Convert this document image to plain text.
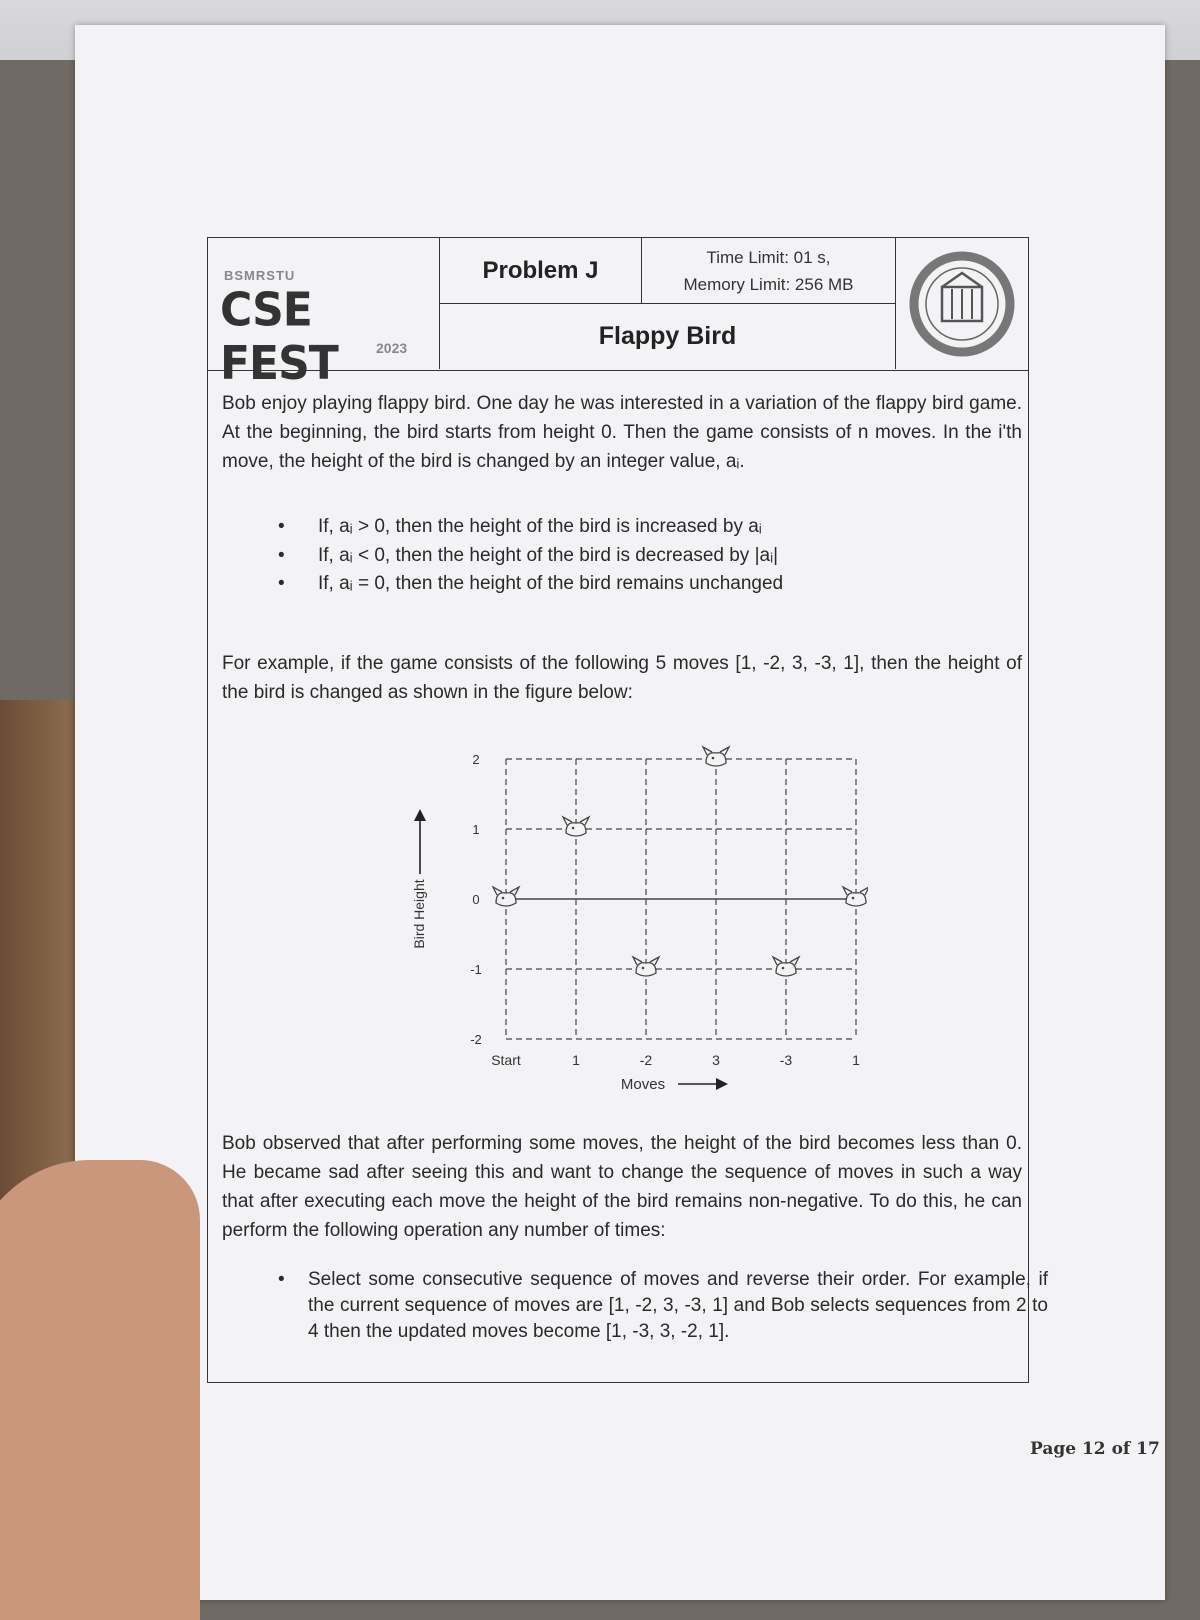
BSMRSTU
CSE FEST	2023
Problem J	Time Limit: 01 s,
Memory Limit: 256 MB
Flappy Bird
Bob enjoy playing flappy bird. One day he was interested in a variation of the flappy bird game. At the beginning, the bird starts from height 0. Then the game consists of n moves. In the i'th move, the height of the bird is changed by an integer value, aᵢ.
• If, aᵢ > 0, then the height of the bird is increased by aᵢ
• If, aᵢ < 0, then the height of the bird is decreased by |aᵢ|
• If, aᵢ = 0, then the height of the bird remains unchanged
For example, if the game consists of the following 5 moves [1, -2, 3, -3, 1], then the height of the bird is changed as shown in the figure below:
2
1
0
-1
-2
Start	1	-2	3	-3	1
Bird Height
Moves
Bob observed that after performing some moves, the height of the bird becomes less than 0. He became sad after seeing this and want to change the sequence of moves in such a way that after executing each move the height of the bird remains non-negative. To do this, he can perform the following operation any number of times:
• Select some consecutive sequence of moves and reverse their order. For example, if the current sequence of moves are [1, -2, 3, -3, 1] and Bob selects sequences from 2 to 4 then the updated moves become [1, -3, 3, -2, 1].
Page 12 of 17
